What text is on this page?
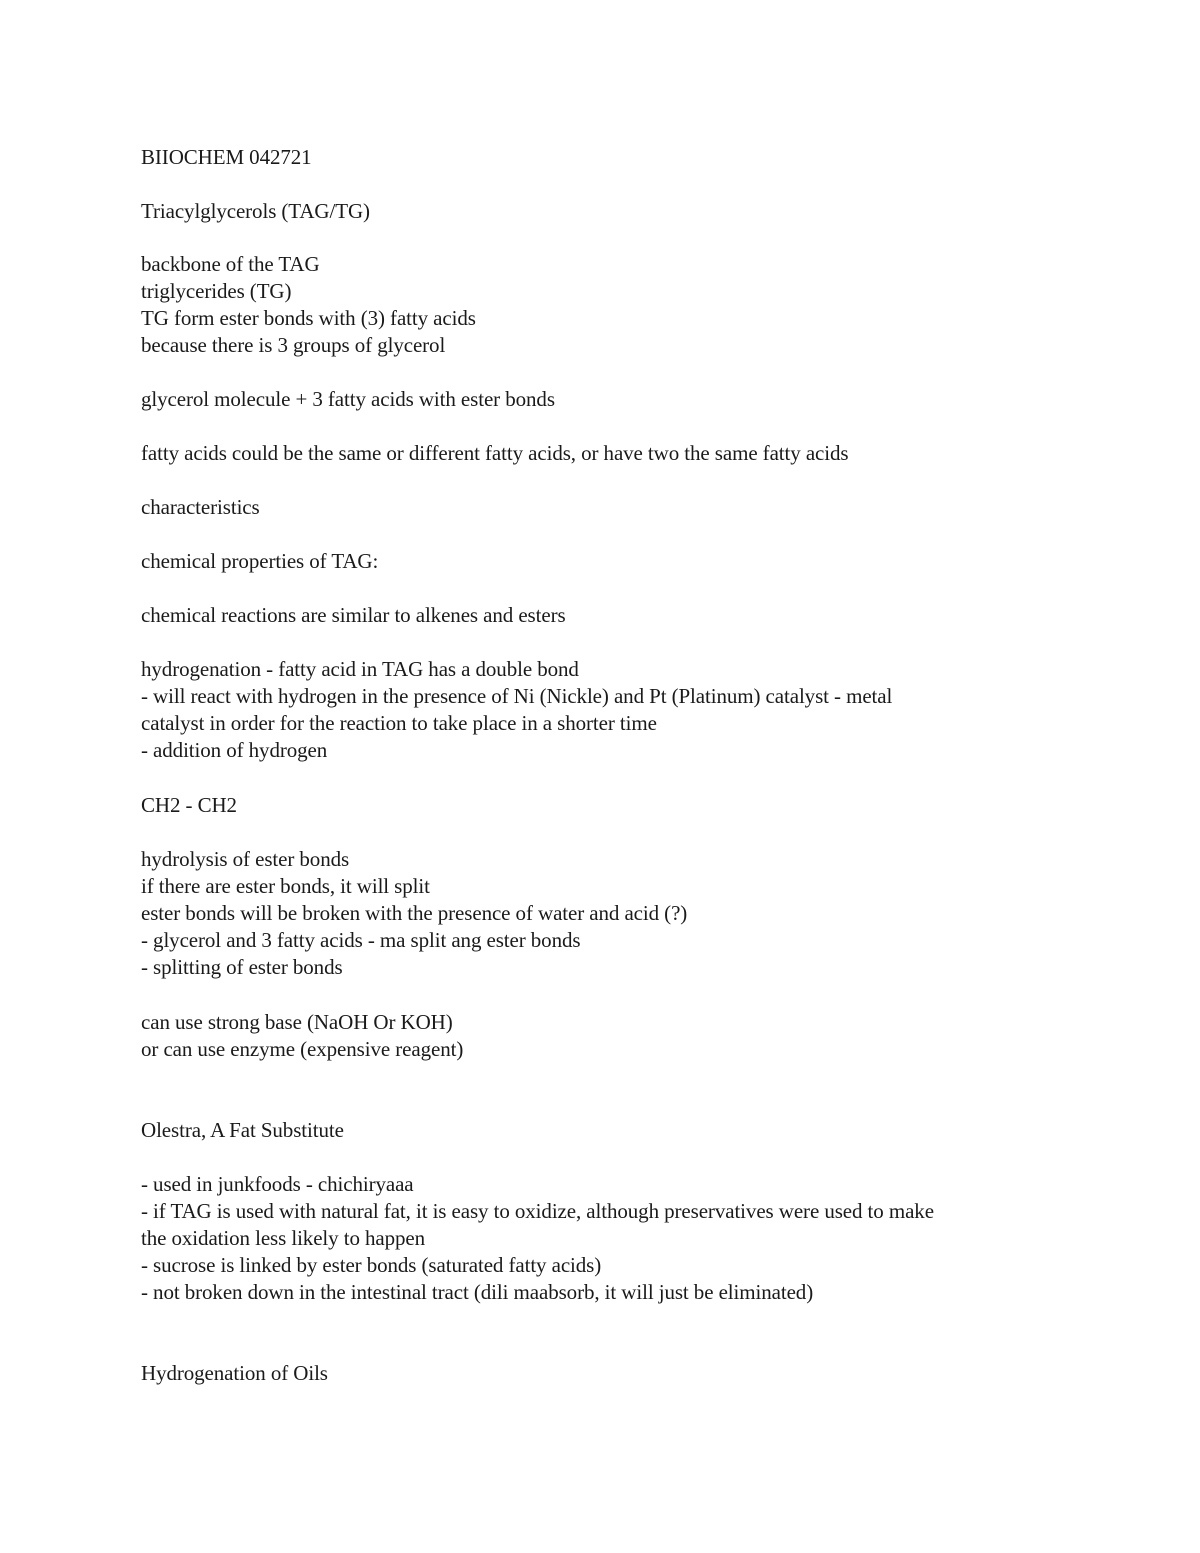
BIIOCHEM 042721
Triacylglycerols (TAG/TG)
backbone of the TAG
triglycerides (TG)
TG form ester bonds with (3) fatty acids
because there is 3 groups of glycerol
glycerol molecule + 3 fatty acids with ester bonds
fatty acids could be the same or different fatty acids, or have two the same fatty acids
characteristics
chemical properties of TAG:
chemical reactions are similar to alkenes and esters
hydrogenation - fatty acid in TAG has a double bond
- will react with hydrogen in the presence of Ni (Nickle) and Pt (Platinum) catalyst - metal
catalyst in order for the reaction to take place in a shorter time
- addition of hydrogen
CH2 - CH2
hydrolysis of ester bonds
if there are ester bonds, it will split
ester bonds will be broken with the presence of water and acid (?)
- glycerol and 3 fatty acids - ma split ang ester bonds
- splitting of ester bonds
can use strong base (NaOH Or KOH)
or can use enzyme (expensive reagent)
Olestra, A Fat Substitute
- used in junkfoods - chichiryaaa
- if TAG is used with natural fat, it is easy to oxidize, although preservatives were used to make
the oxidation less likely to happen
- sucrose is linked by ester bonds (saturated fatty acids)
- not broken down in the intestinal tract (dili maabsorb, it will just be eliminated)
Hydrogenation of Oils
